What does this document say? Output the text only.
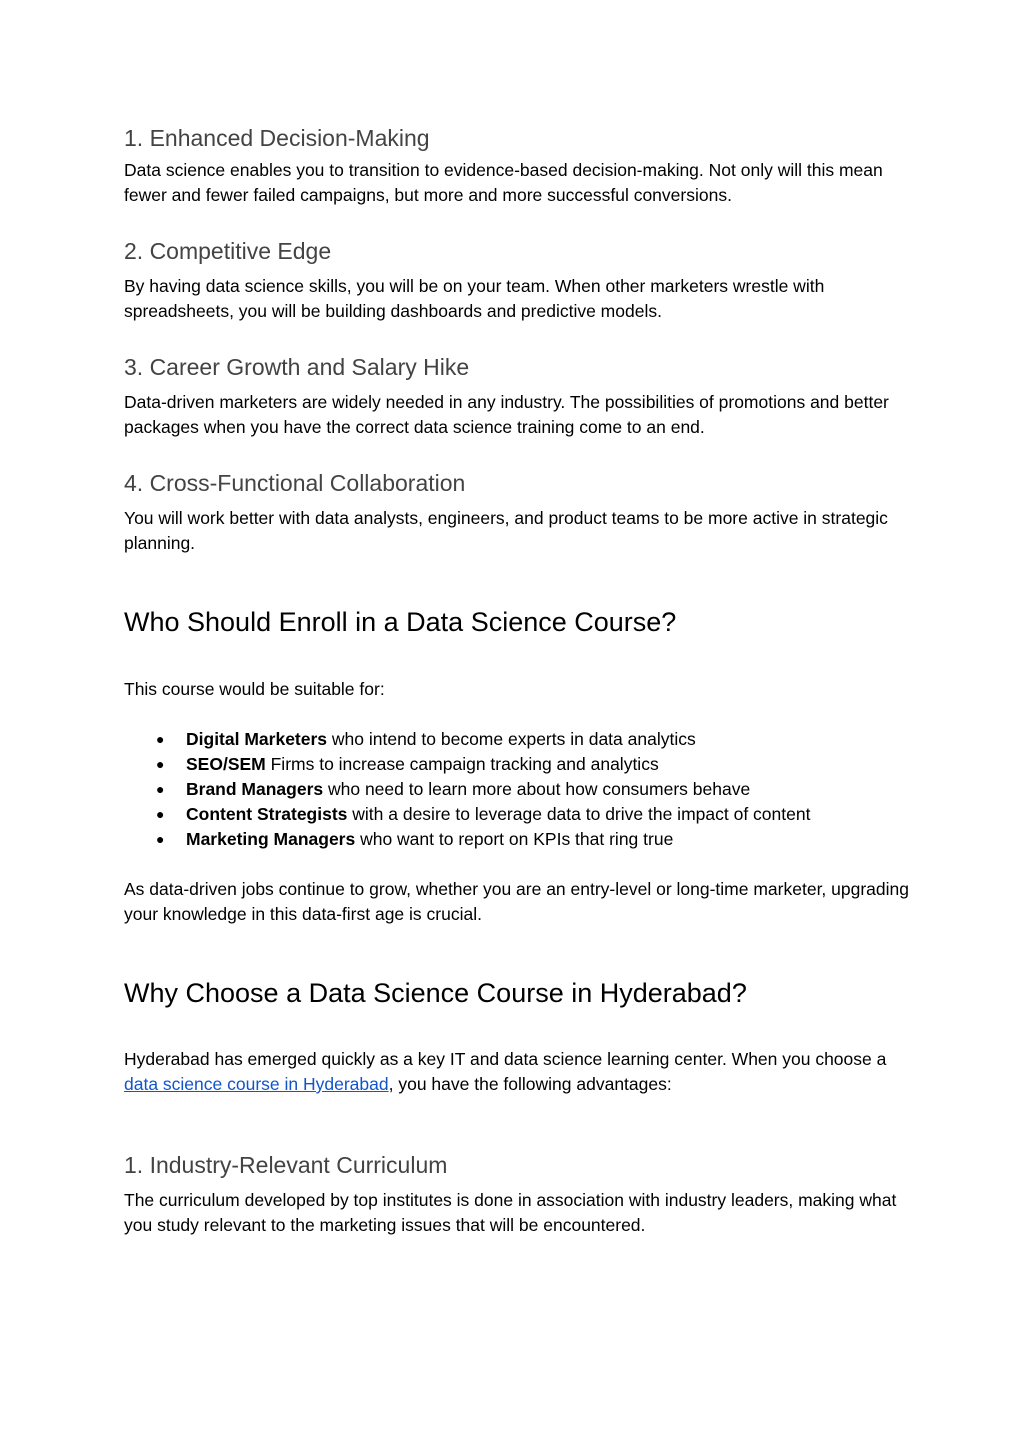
1. Enhanced Decision-Making

Data science enables you to transition to evidence-based decision-making. Not only will this mean fewer and fewer failed campaigns, but more and more successful conversions.

2. Competitive Edge

By having data science skills, you will be on your team. When other marketers wrestle with spreadsheets, you will be building dashboards and predictive models.

3. Career Growth and Salary Hike

Data-driven marketers are widely needed in any industry. The possibilities of promotions and better packages when you have the correct data science training come to an end.

4. Cross-Functional Collaboration

You will work better with data analysts, engineers, and product teams to be more active in strategic planning.

Who Should Enroll in a Data Science Course?

This course would be suitable for:

● Digital Marketers who intend to become experts in data analytics
● SEO/SEM Firms to increase campaign tracking and analytics
● Brand Managers who need to learn more about how consumers behave
● Content Strategists with a desire to leverage data to drive the impact of content
● Marketing Managers who want to report on KPIs that ring true

As data-driven jobs continue to grow, whether you are an entry-level or long-time marketer, upgrading your knowledge in this data-first age is crucial.

Why Choose a Data Science Course in Hyderabad?

Hyderabad has emerged quickly as a key IT and data science learning center. When you choose a data science course in Hyderabad, you have the following advantages:

1. Industry-Relevant Curriculum

The curriculum developed by top institutes is done in association with industry leaders, making what you study relevant to the marketing issues that will be encountered.
